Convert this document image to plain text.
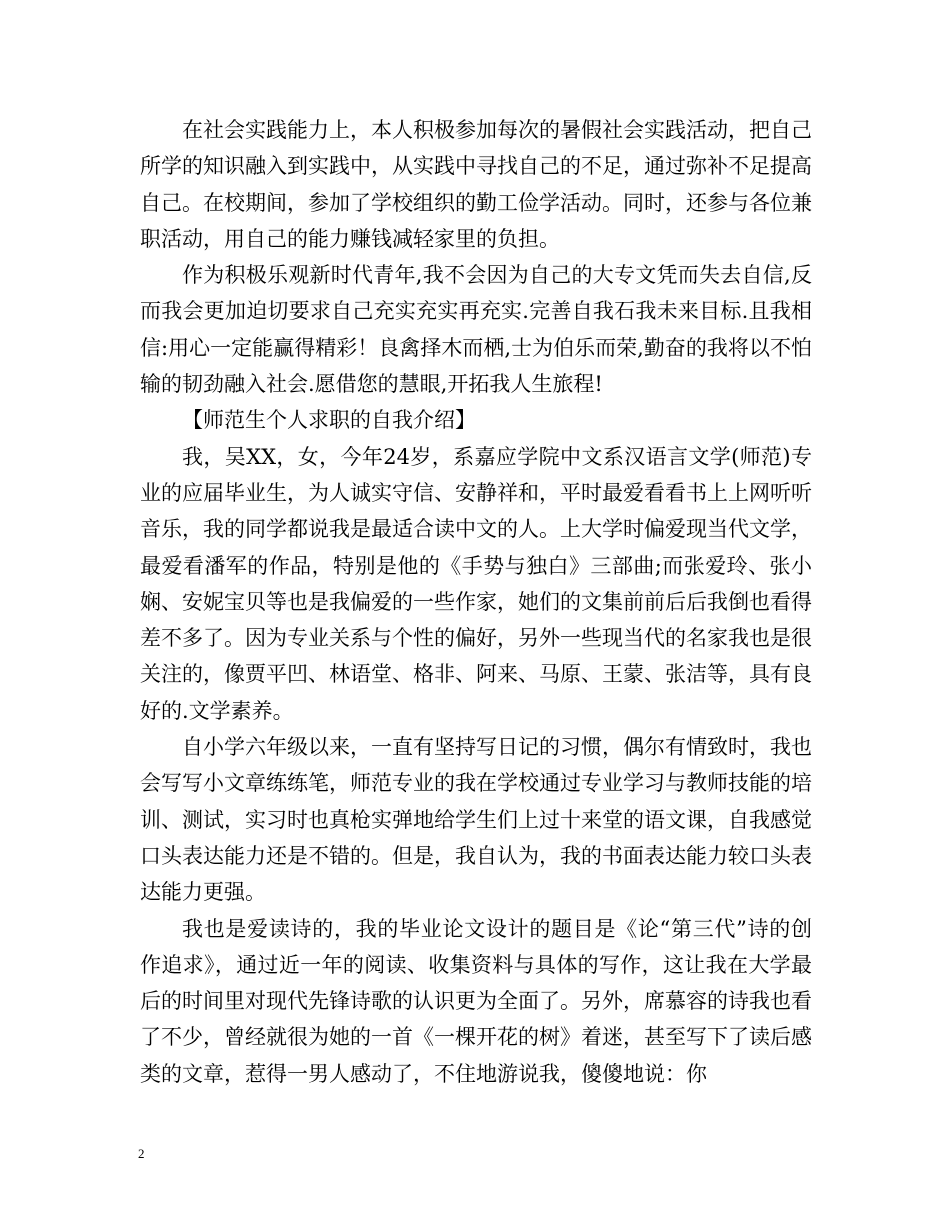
在社会实践能力上，本人积极参加每次的暑假社会实践活动，把自己所学的知识融入到实践中，从实践中寻找自己的不足，通过弥补不足提高自己。在校期间，参加了学校组织的勤工俭学活动。同时，还参与各位兼职活动，用自己的能力赚钱减轻家里的负担。

作为积极乐观新时代青年,我不会因为自己的大专文凭而失去自信,反而我会更加迫切要求自己充实充实再充实.完善自我石我未来目标.且我相信:用心一定能赢得精彩！良禽择木而栖,士为伯乐而荣,勤奋的我将以不怕输的韧劲融入社会.愿借您的慧眼,开拓我人生旅程!

【师范生个人求职的自我介绍】

我，吴XX，女，今年24岁，系嘉应学院中文系汉语言文学(师范)专业的应届毕业生，为人诚实守信、安静祥和，平时最爱看看书上上网听听音乐，我的同学都说我是最适合读中文的人。上大学时偏爱现当代文学，最爱看潘军的作品，特别是他的《手势与独白》三部曲;而张爱玲、张小娴、安妮宝贝等也是我偏爱的一些作家，她们的文集前前后后我倒也看得差不多了。因为专业关系与个性的偏好，另外一些现当代的名家我也是很关注的，像贾平凹、林语堂、格非、阿来、马原、王蒙、张洁等，具有良好的.文学素养。

自小学六年级以来，一直有坚持写日记的习惯，偶尔有情致时，我也会写写小文章练练笔，师范专业的我在学校通过专业学习与教师技能的培训、测试，实习时也真枪实弹地给学生们上过十来堂的语文课，自我感觉口头表达能力还是不错的。但是，我自认为，我的书面表达能力较口头表达能力更强。

我也是爱读诗的，我的毕业论文设计的题目是《论“第三代”诗的创作追求》，通过近一年的阅读、收集资料与具体的写作，这让我在大学最后的时间里对现代先锋诗歌的认识更为全面了。另外，席慕容的诗我也看了不少，曾经就很为她的一首《一棵开花的树》着迷，甚至写下了读后感类的文章，惹得一男人感动了，不住地游说我，傻傻地说：你

2
